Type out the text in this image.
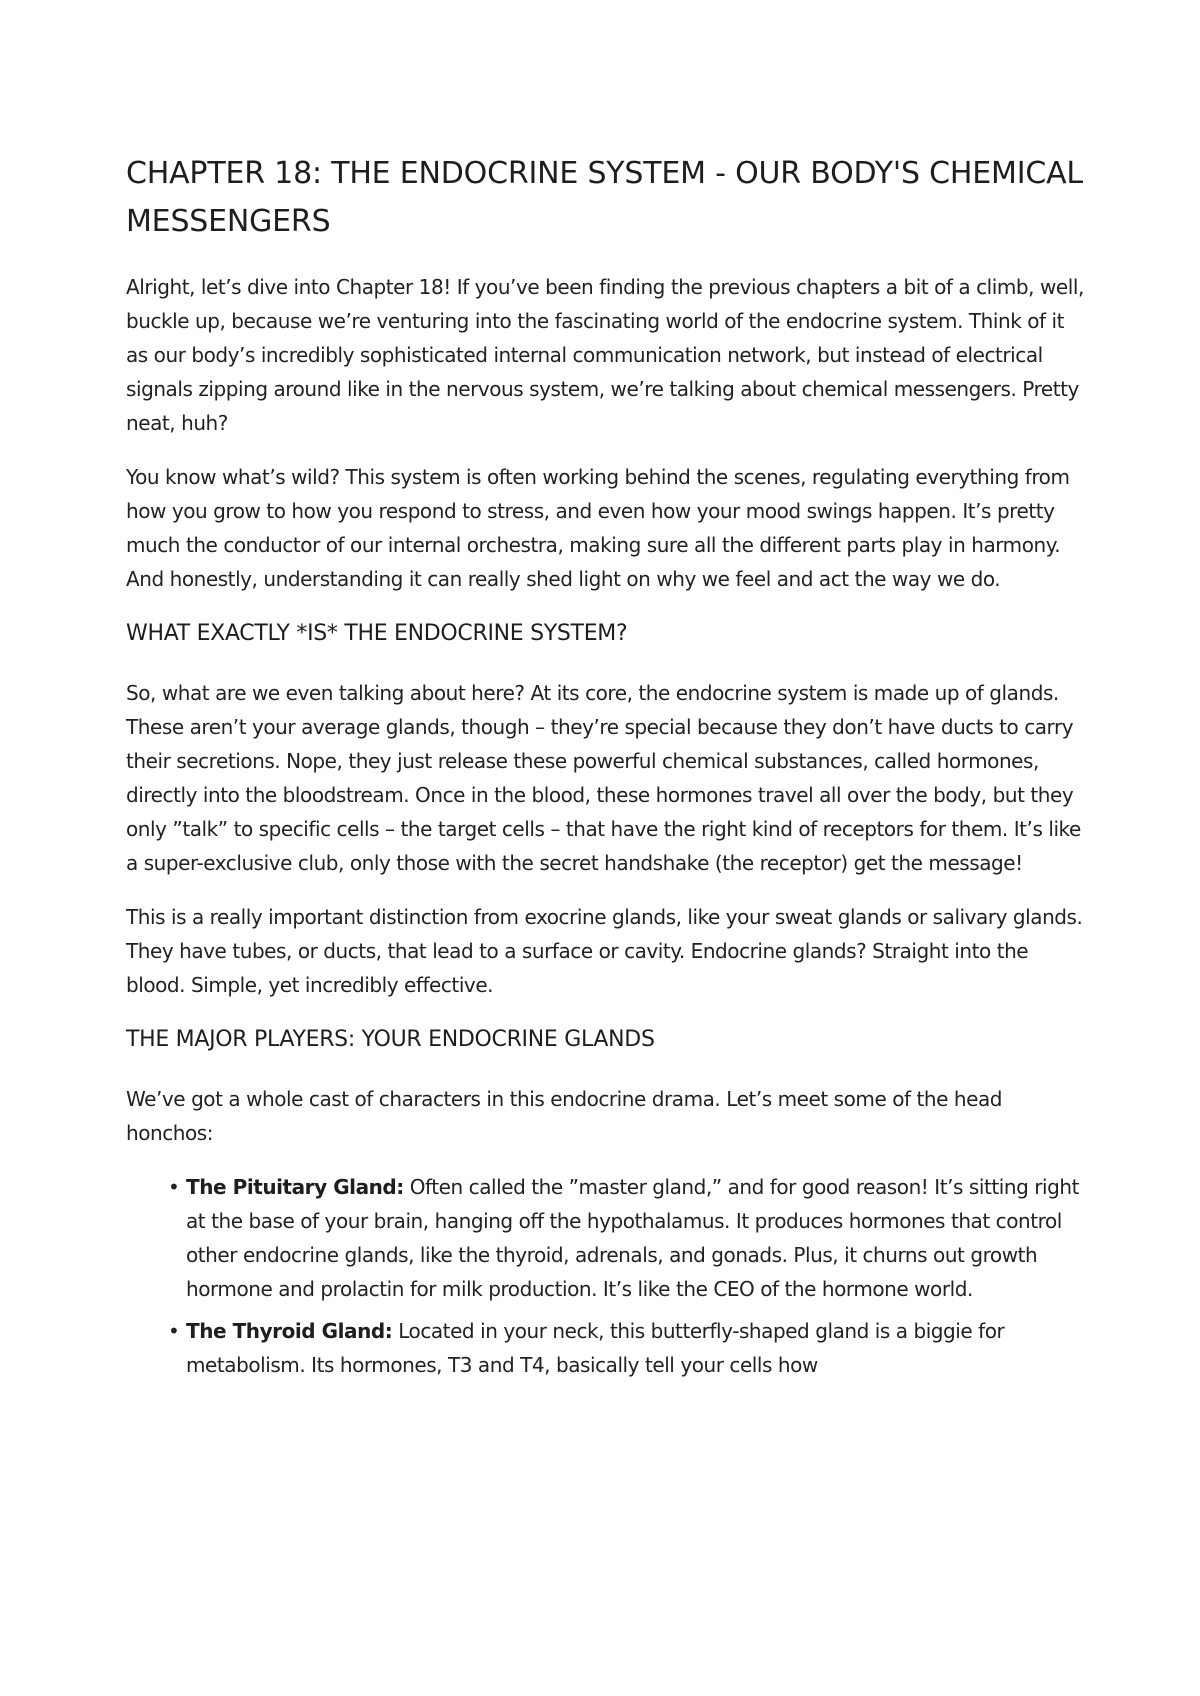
CHAPTER 18: THE ENDOCRINE SYSTEM - OUR BODY'S CHEMICAL MESSENGERS

Alright, let’s dive into Chapter 18! If you’ve been finding the previous chapters a bit of a climb, well, buckle up, because we’re venturing into the fascinating world of the endocrine system. Think of it as our body’s incredibly sophisticated internal communication network, but instead of electrical signals zipping around like in the nervous system, we’re talking about chemical messengers. Pretty neat, huh?

You know what’s wild? This system is often working behind the scenes, regulating everything from how you grow to how you respond to stress, and even how your mood swings happen. It’s pretty much the conductor of our internal orchestra, making sure all the different parts play in harmony. And honestly, understanding it can really shed light on why we feel and act the way we do.

WHAT EXACTLY *IS* THE ENDOCRINE SYSTEM?

So, what are we even talking about here? At its core, the endocrine system is made up of glands. These aren’t your average glands, though – they’re special because they don’t have ducts to carry their secretions. Nope, they just release these powerful chemical substances, called hormones, directly into the bloodstream. Once in the blood, these hormones travel all over the body, but they only ”talk” to specific cells – the target cells – that have the right kind of receptors for them. It’s like a super-exclusive club, only those with the secret handshake (the receptor) get the message!

This is a really important distinction from exocrine glands, like your sweat glands or salivary glands. They have tubes, or ducts, that lead to a surface or cavity. Endocrine glands? Straight into the blood. Simple, yet incredibly effective.

THE MAJOR PLAYERS: YOUR ENDOCRINE GLANDS

We’ve got a whole cast of characters in this endocrine drama. Let’s meet some of the head honchos:

• The Pituitary Gland: Often called the ”master gland,” and for good reason! It’s sitting right at the base of your brain, hanging off the hypothalamus. It produces hormones that control other endocrine glands, like the thyroid, adrenals, and gonads. Plus, it churns out growth hormone and prolactin for milk production. It’s like the CEO of the hormone world.
• The Thyroid Gland: Located in your neck, this butterfly-shaped gland is a biggie for metabolism. Its hormones, T3 and T4, basically tell your cells how
